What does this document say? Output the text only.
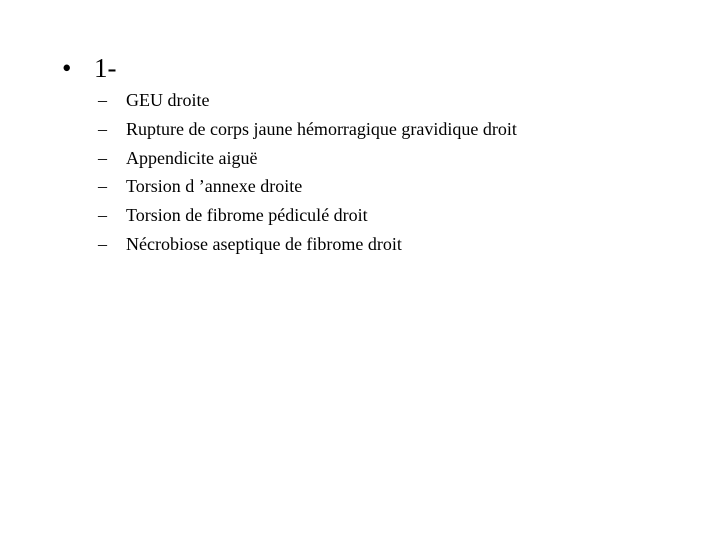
• 1-
– GEU droite
– Rupture de corps jaune hémorragique gravidique droit
– Appendicite aiguë
– Torsion d ’annexe droite
– Torsion de fibrome pédiculé droit
– Nécrobiose aseptique de fibrome droit
